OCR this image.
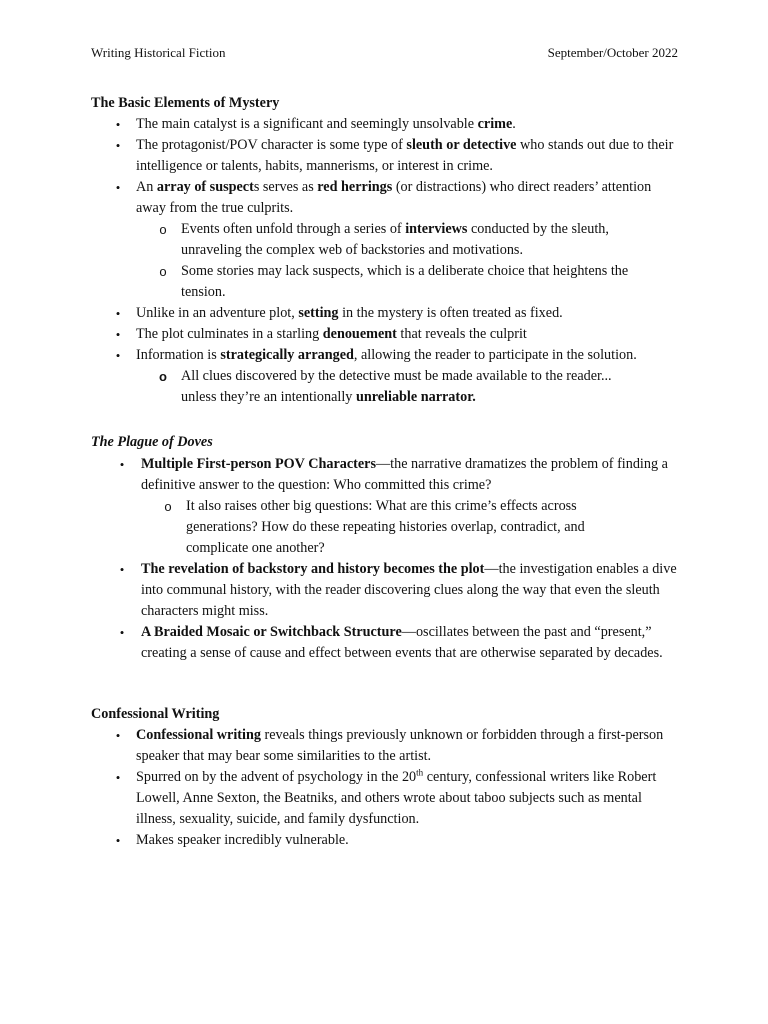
Writing Historical Fiction	September/October 2022

The Basic Elements of Mystery

• The main catalyst is a significant and seemingly unsolvable crime.

• The protagonist/POV character is some type of sleuth or detective who stands out due to their intelligence or talents, habits, mannerisms, or interest in crime.

• An array of suspects serves as red herrings (or distractions) who direct readers’ attention away from the true culprits.

o Events often unfold through a series of interviews conducted by the sleuth, unraveling the complex web of backstories and motivations.

o Some stories may lack suspects, which is a deliberate choice that heightens the tension.

• Unlike in an adventure plot, setting in the mystery is often treated as fixed.

• The plot culminates in a starling denouement that reveals the culprit

• Information is strategically arranged, allowing the reader to participate in the solution.

o All clues discovered by the detective must be made available to the reader... unless they’re an intentionally unreliable narrator.

The Plague of Doves

• Multiple First-person POV Characters—the narrative dramatizes the problem of finding a definitive answer to the question: Who committed this crime?

o It also raises other big questions: What are this crime’s effects across generations? How do these repeating histories overlap, contradict, and complicate one another?

• The revelation of backstory and history becomes the plot—the investigation enables a dive into communal history, with the reader discovering clues along the way that even the sleuth characters might miss.

• A Braided Mosaic or Switchback Structure—oscillates between the past and “present,” creating a sense of cause and effect between events that are otherwise separated by decades.

Confessional Writing

• Confessional writing reveals things previously unknown or forbidden through a first-person speaker that may bear some similarities to the artist.

• Spurred on by the advent of psychology in the 20th century, confessional writers like Robert Lowell, Anne Sexton, the Beatniks, and others wrote about taboo subjects such as mental illness, sexuality, suicide, and family dysfunction.

• Makes speaker incredibly vulnerable.
